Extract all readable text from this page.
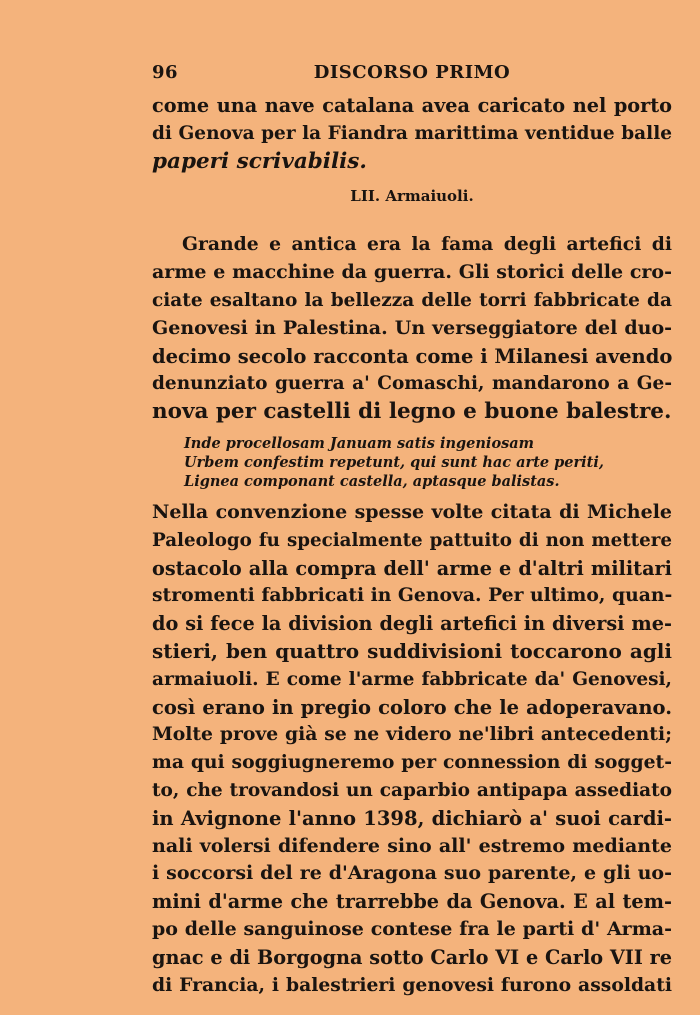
96	DISCORSO PRIMO
come una nave catalana avea caricato nel porto
di Genova per la Fiandra marittima ventidue balle
paperi scrivabilis.
LII. Armaiuoli.
Grande e antica era la fama degli artefici di
arme e macchine da guerra. Gli storici delle cro-
ciate esaltano la bellezza delle torri fabbricate da
Genovesi in Palestina. Un verseggiatore del duo-
decimo secolo racconta come i Milanesi avendo
denunziato guerra a' Comaschi, mandarono a Ge-
nova per castelli di legno e buone balestre.
Inde procellosam Januam satis ingeniosam
Urbem confestim repetunt, qui sunt hac arte periti,
Lignea componant castella, aptasque balistas.
Nella convenzione spesse volte citata di Michele
Paleologo fu specialmente pattuito di non mettere
ostacolo alla compra dell' arme e d'altri militari
stromenti fabbricati in Genova. Per ultimo, quan-
do si fece la division degli artefici in diversi me-
stieri, ben quattro suddivisioni toccarono agli
armaiuoli. E come l'arme fabbricate da' Genovesi,
così erano in pregio coloro che le adoperavano.
Molte prove già se ne videro ne'libri antecedenti;
ma qui soggiugneremo per connession di sogget-
to, che trovandosi un caparbio antipapa assediato
in Avignone l'anno 1398, dichiarò a' suoi cardi-
nali volersi difendere sino all' estremo mediante
i soccorsi del re d'Aragona suo parente, e gli uo-
mini d'arme che trarrebbe da Genova. E al tem-
po delle sanguinose contese fra le parti d' Arma-
gnac e di Borgogna sotto Carlo VI e Carlo VII re
di Francia, i balestrieri genovesi furono assoldati
